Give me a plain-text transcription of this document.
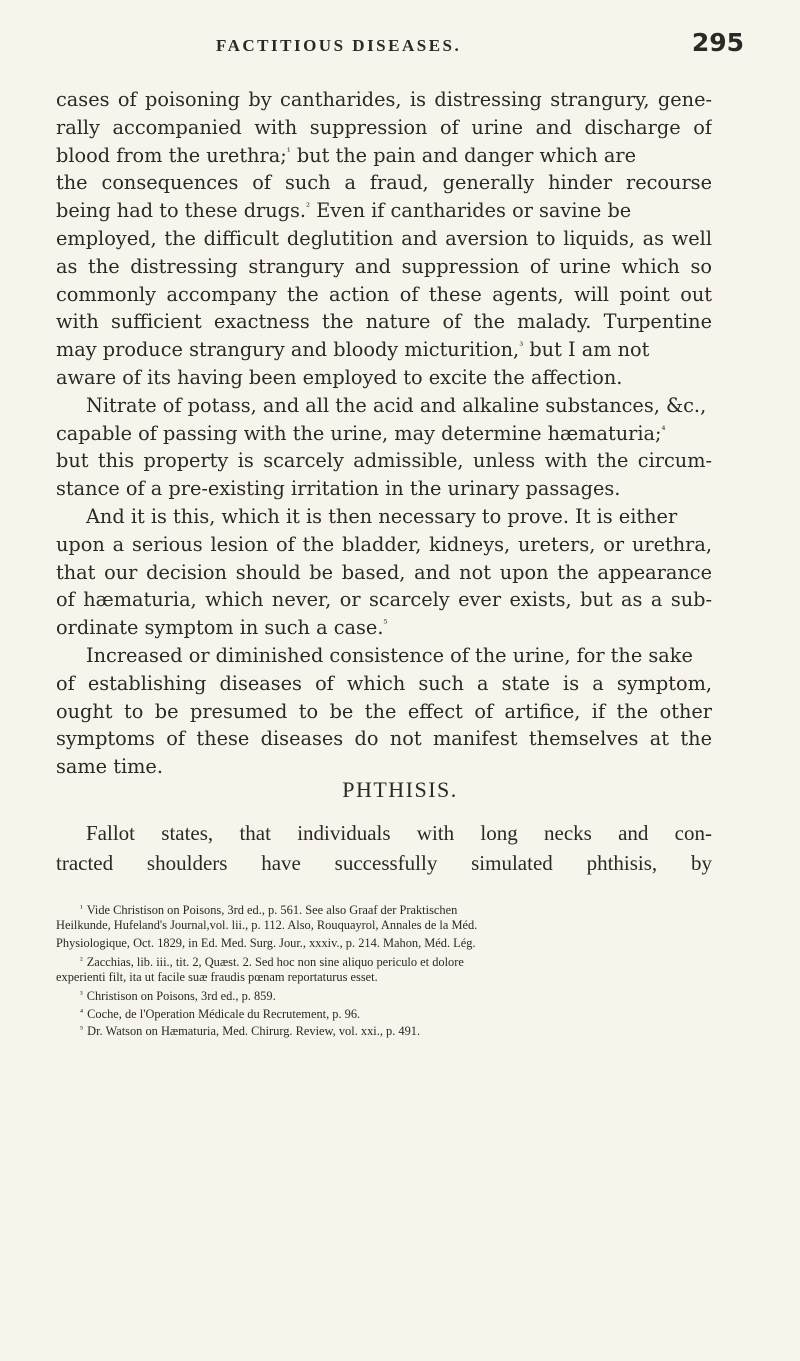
FACTITIOUS DISEASES.	295
cases of poisoning by cantharides, is distressing strangury, gene-
rally accompanied with suppression of urine and discharge of
blood from the urethra;$^{^1}$ but the pain and danger which are
the consequences of such a fraud, generally hinder recourse
being had to these drugs.$^{^2}$ Even if cantharides or savine be
employed, the difficult deglutition and aversion to liquids, as well
as the distressing strangury and suppression of urine which so
commonly accompany the action of these agents, will point out
with sufficient exactness the nature of the malady. Turpentine
may produce strangury and bloody micturition,$^{^3}$ but I am not
aware of its having been employed to excite the affection.
Nitrate of potass, and all the acid and alkaline substances, &c.,
capable of passing with the urine, may determine hæmaturia;$^{^4}$
but this property is scarcely admissible, unless with the circum-
stance of a pre-existing irritation in the urinary passages.
And it is this, which it is then necessary to prove. It is either
upon a serious lesion of the bladder, kidneys, ureters, or urethra,
that our decision should be based, and not upon the appearance
of hæmaturia, which never, or scarcely ever exists, but as a sub-
ordinate symptom in such a case.$^{^5}$
Increased or diminished consistence of the urine, for the sake
of establishing diseases of which such a state is a symptom,
ought to be presumed to be the effect of artifice, if the other
symptoms of these diseases do not manifest themselves at the
same time.
PHTHISIS.
Fallot states, that individuals with long necks and con-
tracted shoulders have successfully simulated phthisis, by
$^{^1}$ Vide Christison on Poisons, 3rd ed., p. 561. See also Graaf der Praktischen
Heilkunde, Hufeland's Journal,vol. lii., p. 112. Also, Rouquayrol, Annales de la Méd.
Physiologique, Oct. 1829, in Ed. Med. Surg. Jour., xxxiv., p. 214. Mahon, Méd. Lég.
$^{^2}$ Zacchias, lib. iii., tit. 2, Quæst. 2. Sed hoc non sine aliquo periculo et dolore
experienti filt, ita ut facile suæ fraudis pœnam reportaturus esset.
$^{^3}$ Christison on Poisons, 3rd ed., p. 859.
$^{^4}$ Coche, de l'Operation Médicale du Recrutement, p. 96.
$^{^5}$ Dr. Watson on Hæmaturia, Med. Chirurg. Review, vol. xxi., p. 491.
